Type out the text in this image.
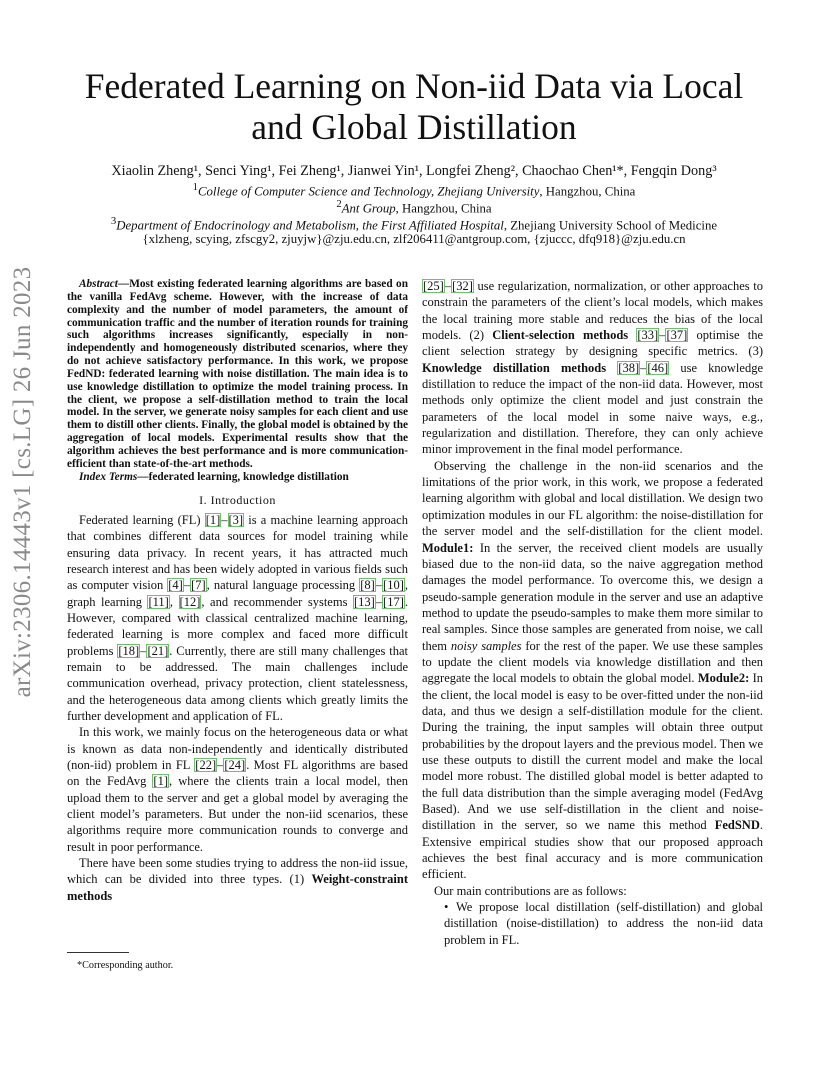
arXiv:2306.14443v1 [cs.LG] 26 Jun 2023
Federated Learning on Non-iid Data via Local and Global Distillation
Xiaolin Zheng¹, Senci Ying¹, Fei Zheng¹, Jianwei Yin¹, Longfei Zheng², Chaochao Chen¹*, Fengqin Dong³
$^1$College of Computer Science and Technology, Zhejiang University, Hangzhou, China
$^2$Ant Group, Hangzhou, China
$^3$Department of Endocrinology and Metabolism, the First Affiliated Hospital, Zhejiang University School of Medicine
{xlzheng, scying, zfscgy2, zjuyjw}@zju.edu.cn, zlf206411@antgroup.com, {zjuccc, dfq918}@zju.edu.cn

Abstract—Most existing federated learning algorithms are based on the vanilla FedAvg scheme. However, with the increase of data complexity and the number of model parameters, the amount of communication traffic and the number of iteration rounds for training such algorithms increases significantly, especially in non-independently and homogeneously distributed scenarios, where they do not achieve satisfactory performance. In this work, we propose FedND: federated learning with noise distillation. The main idea is to use knowledge distillation to optimize the model training process. In the client, we propose a self-distillation method to train the local model. In the server, we generate noisy samples for each client and use them to distill other clients. Finally, the global model is obtained by the aggregation of local models. Experimental results show that the algorithm achieves the best performance and is more communication-efficient than state-of-the-art methods.

Index Terms—federated learning, knowledge distillation

I. Introduction

Federated learning (FL) [1]–[3] is a machine learning approach that combines different data sources for model training while ensuring data privacy. In recent years, it has attracted much research interest and has been widely adopted in various fields such as computer vision [4]–[7], natural language processing [8]–[10], graph learning [11], [12], and recommender systems [13]–[17]. However, compared with classical centralized machine learning, federated learning is more complex and faced more difficult problems [18]–[21]. Currently, there are still many challenges that remain to be addressed. The main challenges include communication overhead, privacy protection, client statelessness, and the heterogeneous data among clients which greatly limits the further development and application of FL.

In this work, we mainly focus on the heterogeneous data or what is known as data non-independently and identically distributed (non-iid) problem in FL [22]–[24]. Most FL algorithms are based on the FedAvg [1], where the clients train a local model, then upload them to the server and get a global model by averaging the client model’s parameters. But under the non-iid scenarios, these algorithms require more communication rounds to converge and result in poor performance.

There have been some studies trying to address the non-iid issue, which can be divided into three types. (1) Weight-constraint methods

*Corresponding author.

[25]–[32] use regularization, normalization, or other approaches to constrain the parameters of the client’s local models, which makes the local training more stable and reduces the bias of the local models. (2) Client-selection methods [33]–[37] optimise the client selection strategy by designing specific metrics. (3) Knowledge distillation methods [38]–[46] use knowledge distillation to reduce the impact of the non-iid data. However, most methods only optimize the client model and just constrain the parameters of the local model in some naive ways, e.g., regularization and distillation. Therefore, they can only achieve minor improvement in the final model performance.

Observing the challenge in the non-iid scenarios and the limitations of the prior work, in this work, we propose a federated learning algorithm with global and local distillation. We design two optimization modules in our FL algorithm: the noise-distillation for the server model and the self-distillation for the client model. Module1: In the server, the received client models are usually biased due to the non-iid data, so the naive aggregation method damages the model performance. To overcome this, we design a pseudo-sample generation module in the server and use an adaptive method to update the pseudo-samples to make them more similar to real samples. Since those samples are generated from noise, we call them noisy samples for the rest of the paper. We use these samples to update the client models via knowledge distillation and then aggregate the local models to obtain the global model. Module2: In the client, the local model is easy to be over-fitted under the non-iid data, and thus we design a self-distillation module for the client. During the training, the input samples will obtain three output probabilities by the dropout layers and the previous model. Then we use these outputs to distill the current model and make the local model more robust. The distilled global model is better adapted to the full data distribution than the simple averaging model (FedAvg Based). And we use self-distillation in the client and noise-distillation in the server, so we name this method FedSND. Extensive empirical studies show that our proposed approach achieves the best final accuracy and is more communication efficient.

Our main contributions are as follows:

• We propose local distillation (self-distillation) and global distillation (noise-distillation) to address the non-iid data problem in FL.
